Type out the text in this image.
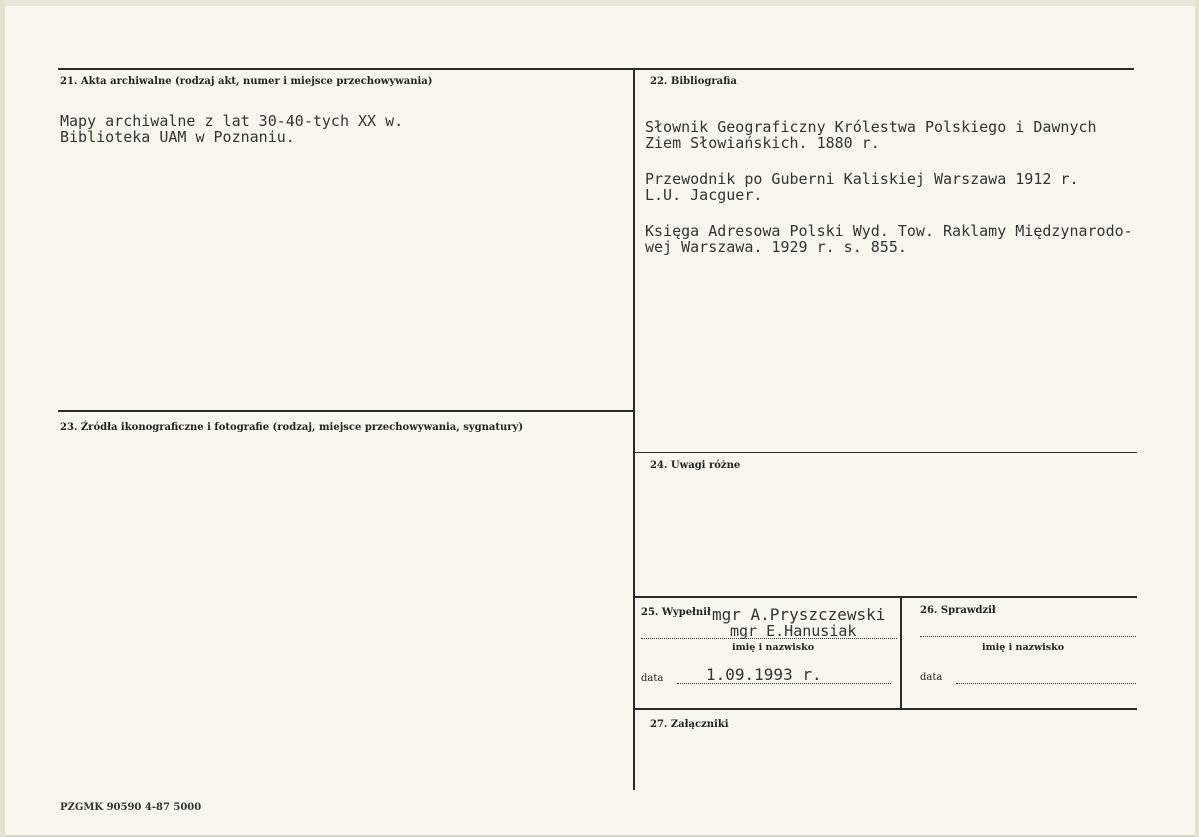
21. Akta archiwalne (rodzaj akt, numer i miejsce przechowywania)
Mapy archiwalne z lat 30-40-tych XX w.
Biblioteka UAM w Poznaniu.
22. Bibliografia
Słownik Geograficzny Królestwa Polskiego i Dawnych
Ziem Słowiańskich. 1880 r.
Przewodnik po Guberni Kaliskiej Warszawa 1912 r.
L.U. Jacguer.
Księga Adresowa Polski Wyd. Tow. Raklamy Międzynarodo-
wej Warszawa. 1929 r. s. 855.
23. Źródła ikonograficzne i fotografie (rodzaj, miejsce przechowywania, sygnatury)
24. Uwagi różne
25. Wypełnił mgr A.Pryszczewski
mgr E.Hanusiak
imię i nazwisko
data	1.09.1993 r.
26. Sprawdził
imię i nazwisko
data
27. Załączniki
PZGMK 90590 4-87 5000
